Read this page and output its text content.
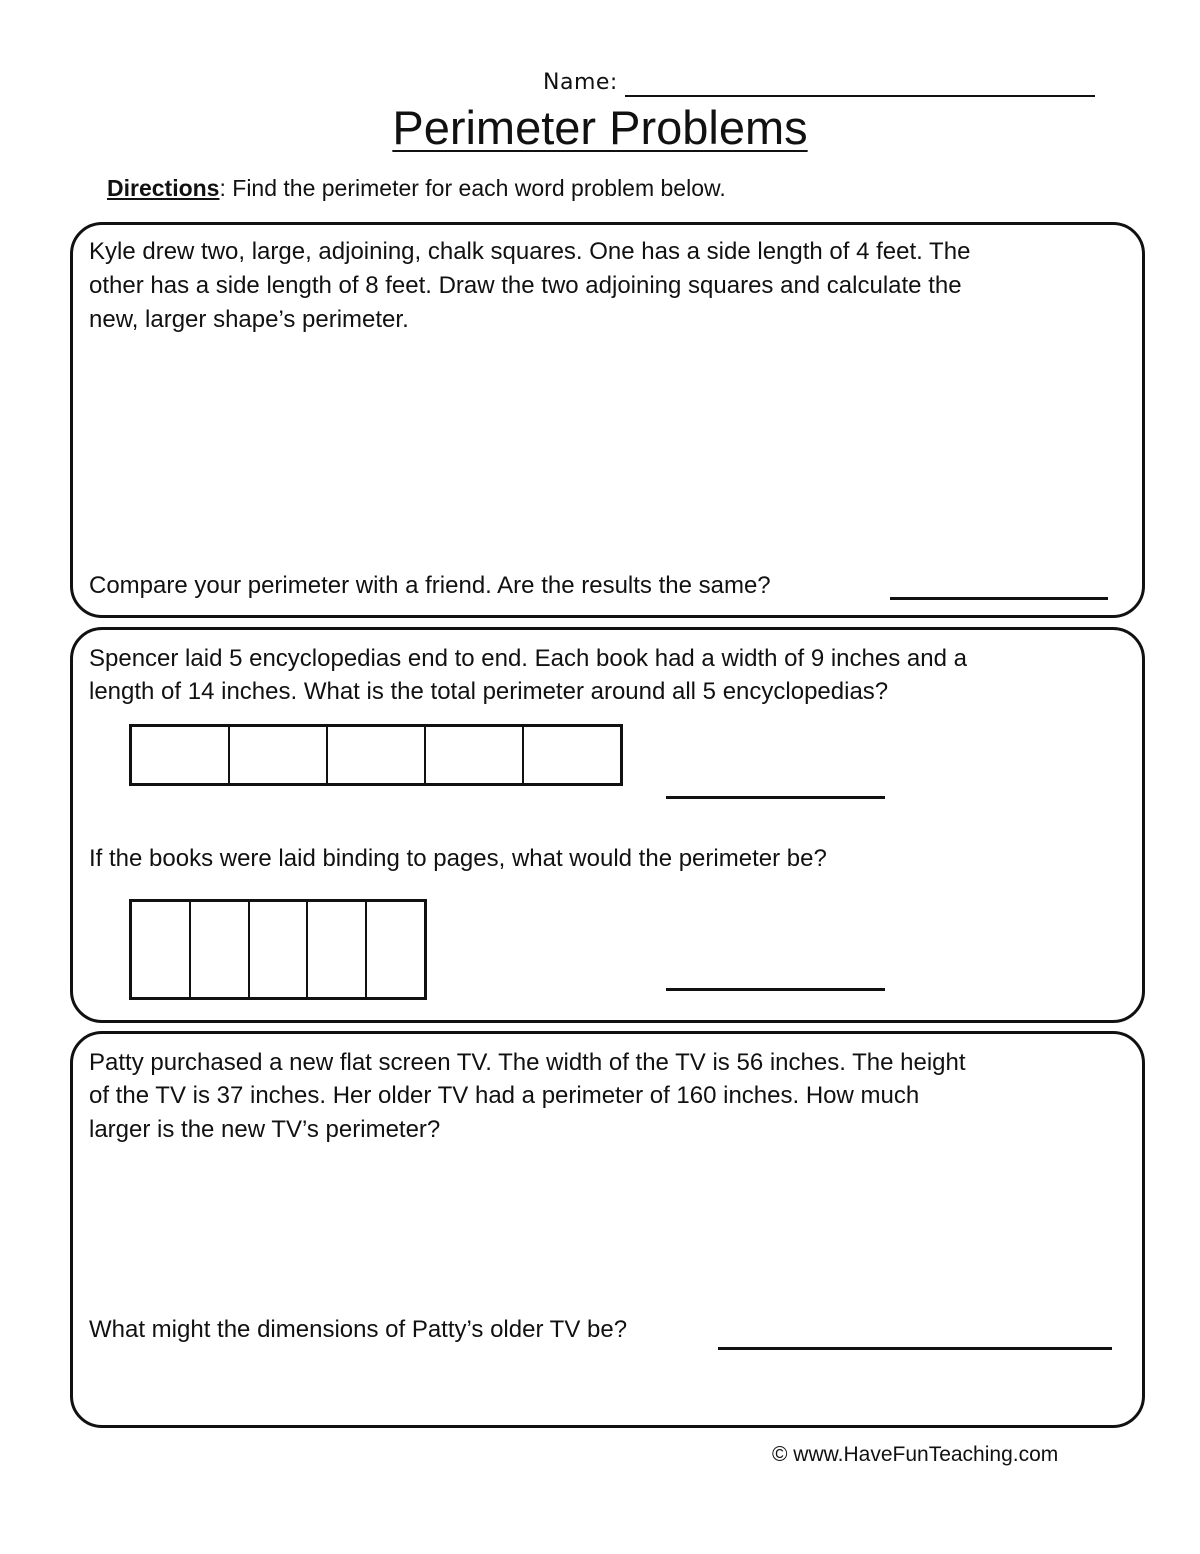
Name:
Perimeter Problems
Directions: Find the perimeter for each word problem below.
Kyle drew two, large, adjoining, chalk squares. One has a side length of 4 feet. The
other has a side length of 8 feet. Draw the two adjoining squares and calculate the
new, larger shape’s perimeter.
Compare your perimeter with a friend. Are the results the same?
Spencer laid 5 encyclopedias end to end. Each book had a width of 9 inches and a
length of 14 inches. What is the total perimeter around all 5 encyclopedias?
If the books were laid binding to pages, what would the perimeter be?
Patty purchased a new flat screen TV. The width of the TV is 56 inches. The height
of the TV is 37 inches. Her older TV had a perimeter of 160 inches. How much
larger is the new TV’s perimeter?
What might the dimensions of Patty’s older TV be?
© www.HaveFunTeaching.com
